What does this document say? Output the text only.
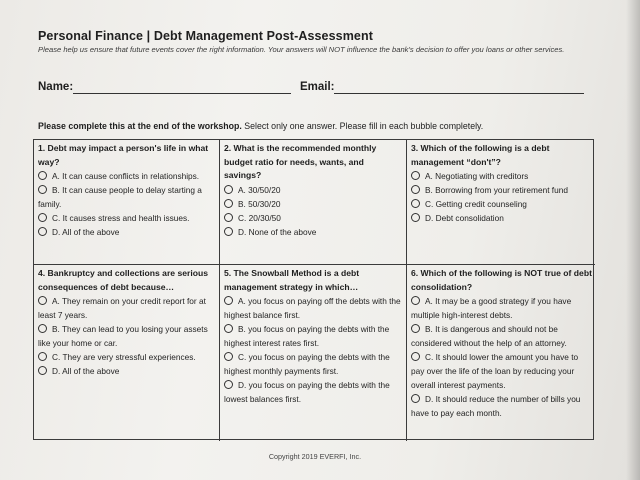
Personal Finance | Debt Management Post-Assessment
Please help us ensure that future events cover the right information. Your answers will NOT influence the bank's decision to offer you loans or other services.
Name:	Email:
Please complete this at the end of the workshop. Select only one answer. Please fill in each bubble completely.
1. Debt may impact a person's life in what way?
A. It can cause conflicts in relationships.
B. It can cause people to delay starting a family.
C. It causes stress and health issues.
D. All of the above
2. What is the recommended monthly budget ratio for needs, wants, and savings?
A. 30/50/20
B. 50/30/20
C. 20/30/50
D. None of the above
3. Which of the following is a debt management “don't”?
A. Negotiating with creditors
B. Borrowing from your retirement fund
C. Getting credit counseling
D. Debt consolidation
4. Bankruptcy and collections are serious consequences of debt because…
A. They remain on your credit report for at least 7 years.
B. They can lead to you losing your assets like your home or car.
C. They are very stressful experiences.
D. All of the above
5. The Snowball Method is a debt management strategy in which…
A. you focus on paying off the debts with the highest balance first.
B. you focus on paying the debts with the highest interest rates first.
C. you focus on paying the debts with the highest monthly payments first.
D. you focus on paying the debts with the lowest balances first.
6. Which of the following is NOT true of debt consolidation?
A. It may be a good strategy if you have multiple high-interest debts.
B. It is dangerous and should not be considered without the help of an attorney.
C. It should lower the amount you have to pay over the life of the loan by reducing your overall interest payments.
D. It should reduce the number of bills you have to pay each month.
Copyright 2019 EVERFI, Inc.
